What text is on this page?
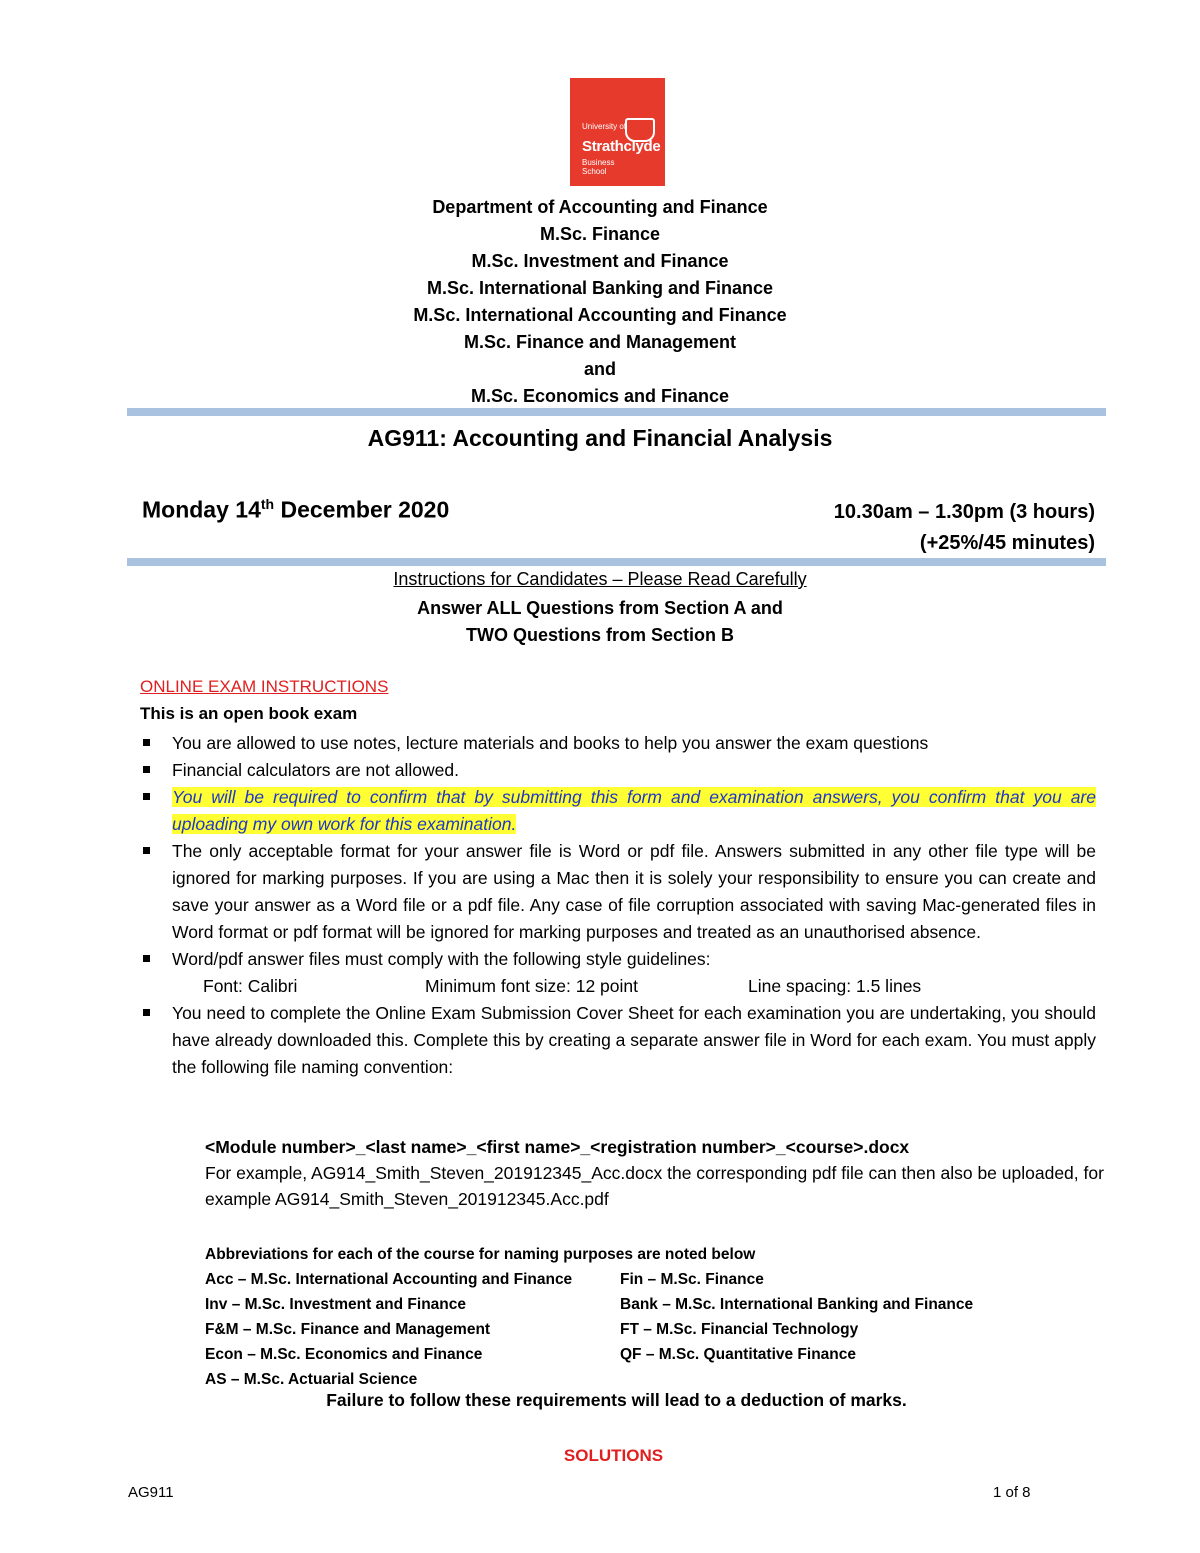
University of
Strathclyde
Business
School
Department of Accounting and Finance
M.Sc. Finance
M.Sc. Investment and Finance
M.Sc. International Banking and Finance
M.Sc. International Accounting and Finance
M.Sc. Finance and Management
and
M.Sc. Economics and Finance
AG911: Accounting and Financial Analysis
Monday 14th December 2020	10.30am – 1.30pm (3 hours)
(+25%/45 minutes)
Instructions for Candidates – Please Read Carefully
Answer ALL Questions from Section A and
TWO Questions from Section B
ONLINE EXAM INSTRUCTIONS
This is an open book exam
You are allowed to use notes, lecture materials and books to help you answer the exam questions
Financial calculators are not allowed.
You will be required to confirm that by submitting this form and examination answers, you confirm that you are uploading my own work for this examination.
The only acceptable format for your answer file is Word or pdf file. Answers submitted in any other file type will be ignored for marking purposes. If you are using a Mac then it is solely your responsibility to ensure you can create and save your answer as a Word file or a pdf file. Any case of file corruption associated with saving Mac-generated files in Word format or pdf format will be ignored for marking purposes and treated as an unauthorised absence.
Word/pdf answer files must comply with the following style guidelines:
Font: Calibri	Minimum font size: 12 point	Line spacing: 1.5 lines
You need to complete the Online Exam Submission Cover Sheet for each examination you are undertaking, you should have already downloaded this. Complete this by creating a separate answer file in Word for each exam. You must apply the following file naming convention:
<Module number>_<last name>_<first name>_<registration number>_<course>.docx
For example, AG914_Smith_Steven_201912345_Acc.docx the corresponding pdf file can then also be uploaded, for example AG914_Smith_Steven_201912345.Acc.pdf
Abbreviations for each of the course for naming purposes are noted below
Acc – M.Sc. International Accounting and Finance	Fin – M.Sc. Finance
Inv – M.Sc. Investment and Finance	Bank – M.Sc. International Banking and Finance
F&M – M.Sc. Finance and Management	FT – M.Sc. Financial Technology
Econ – M.Sc. Economics and Finance	QF – M.Sc. Quantitative Finance
AS – M.Sc. Actuarial Science
Failure to follow these requirements will lead to a deduction of marks.
SOLUTIONS
AG911	1 of 8
